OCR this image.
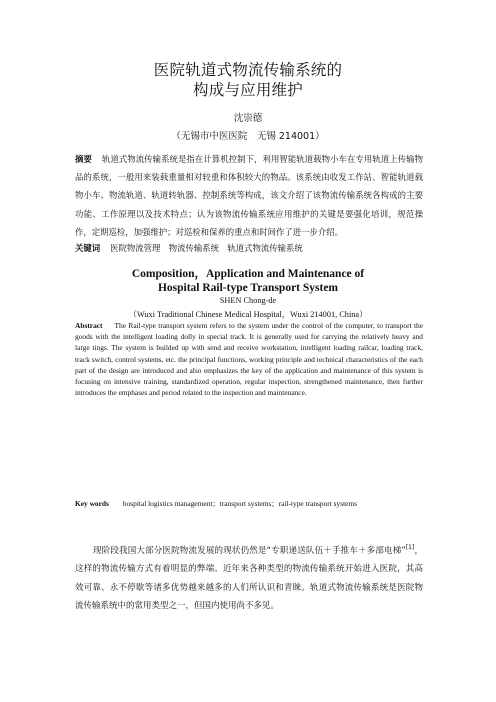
医院轨道式物流传输系统的
构成与应用维护
沈崇德
（无锡市中医医院　无锡 214001）
摘要 轨道式物流传输系统是指在计算机控制下，利用智能轨道载物小车在专用轨道上传输物品的系统，一般用来装载重量相对较重和体积较大的物品。该系统由收发工作站、智能轨道载物小车、物流轨道、轨道转轨器、控制系统等构成，该文介绍了该物流传输系统各构成的主要功能、工作原理以及技术特点；认为该物流传输系统应用维护的关键是要强化培训，规范操作，定期巡检，加强维护；对巡检和保养的重点和时间作了进一步介绍。
关键词 医院物流管理　物流传输系统　轨道式物流传输系统
Composition，Application and Maintenance of
Hospital Rail-type Transport System
SHEN Chong-de
（Wuxi Traditional Chinese Medical Hospital，Wuxi 214001, China）
Abstract The Rail-type transport system refers to the system under the control of the computer, to transport the goods with the intelligent loading dolly in special track. It is generally used for carrying the relatively heavy and large tings. The system is builded up with send and receive workstation, intelligent loading railcar, loading track, track switch, control systems, etc. the principal functions, working principle and technical characteristics of the each part of the design are introduced and also emphasizes the key of the application and maintenance of this system is focusing on intensive training, standardized operation, regular inspection, strengthened maintenance, then further introduces the emphases and period related to the inspection and maintenance.
Key words hospital logistics management；transport systems；rail-type transport systems
现阶段我国大部分医院物流发展的现状仍然是“专职递送队伍＋手推车＋多部电梯”[1]，这样的物流传输方式有着明显的弊端。近年来各种类型的物流传输系统开始进入医院，其高效可靠、永不停歇等诸多优势越来越多的人们所认识和青睐。轨道式物流传输系统是医院物流传输系统中的常用类型之一，但国内使用尚不多见。
